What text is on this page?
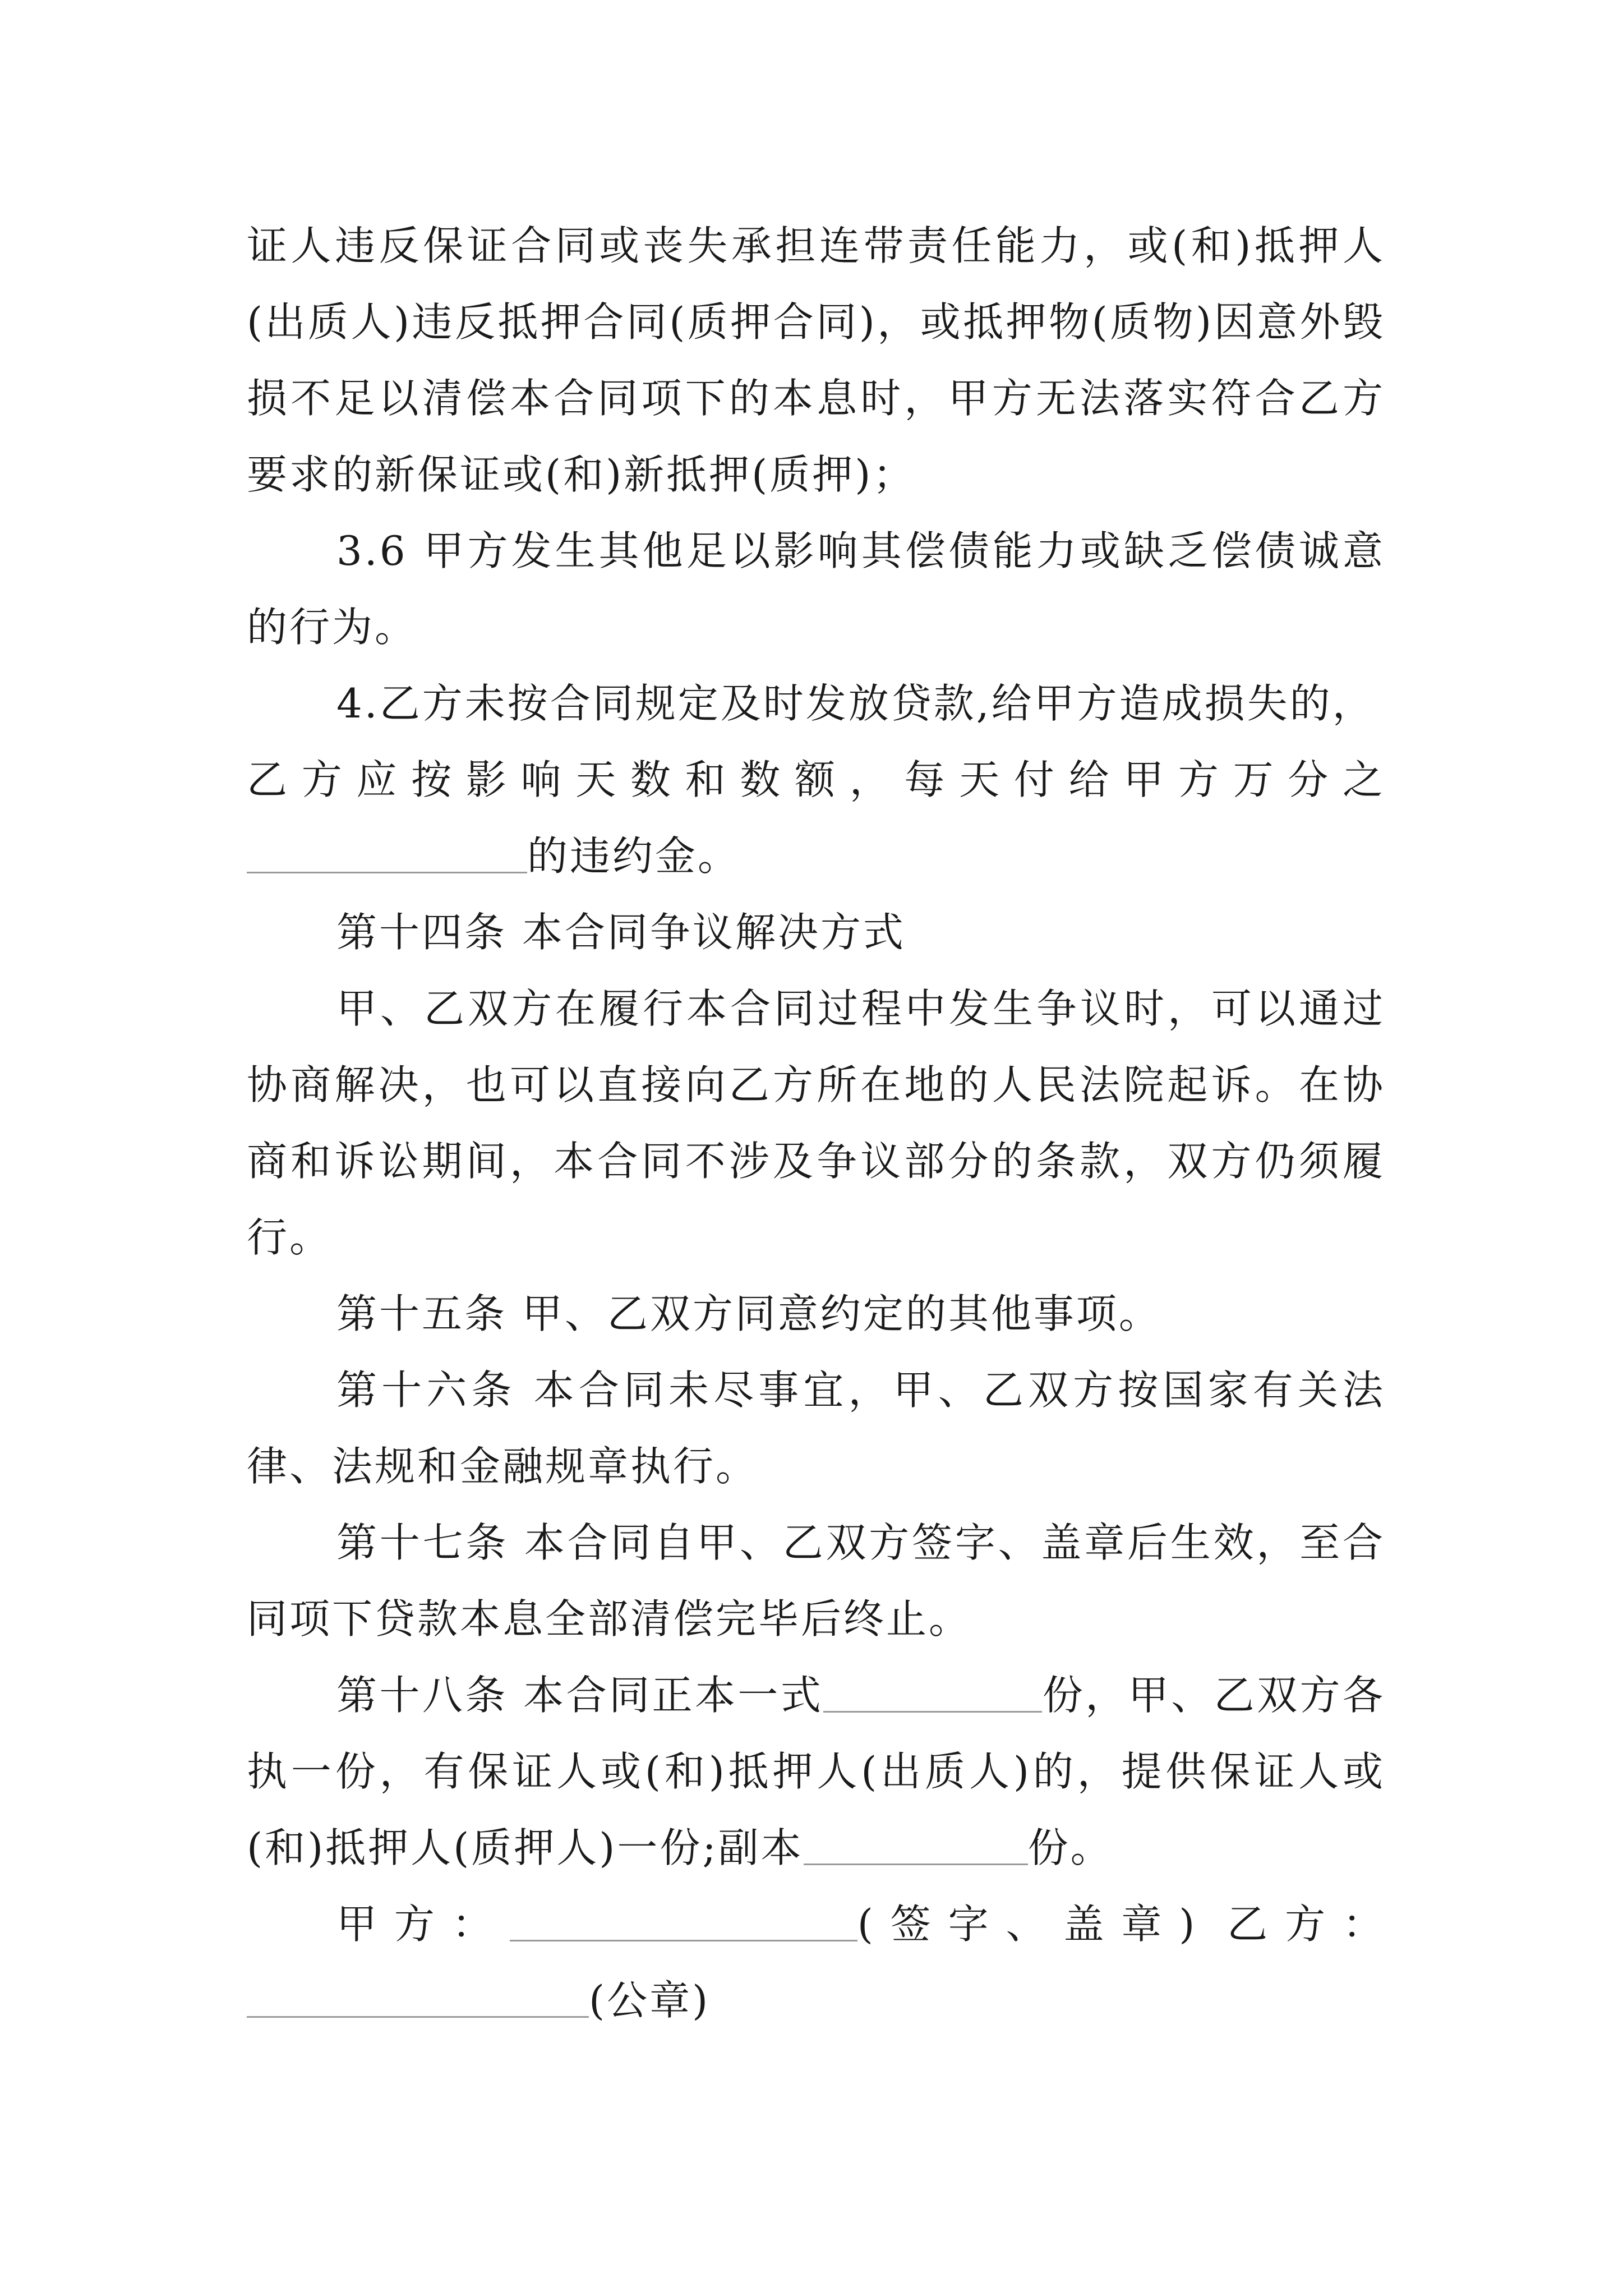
证人违反保证合同或丧失承担连带责任能力，或(和)抵押人(出质人)违反抵押合同(质押合同)，或抵押物(质物)因意外毁损不足以清偿本合同项下的本息时，甲方无法落实符合乙方要求的新保证或(和)新抵押(质押)；

3.6 甲方发生其他足以影响其偿债能力或缺乏偿债诚意的行为。

4.乙方未按合同规定及时发放贷款,给甲方造成损失的，

乙方应按影响天数和数额，每天付给甲方万分之

的违约金。

第十四条 本合同争议解决方式

甲、乙双方在履行本合同过程中发生争议时，可以通过协商解决，也可以直接向乙方所在地的人民法院起诉。在协商和诉讼期间，本合同不涉及争议部分的条款，双方仍须履行。

第十五条 甲、乙双方同意约定的其他事项。

第十六条 本合同未尽事宜，甲、乙双方按国家有关法律、法规和金融规章执行。

第十七条 本合同自甲、乙双方签字、盖章后生效，至合同项下贷款本息全部清偿完毕后终止。

第十八条 本合同正本一式	份，甲、乙双方各执一份，有保证人或(和)抵押人(出质人)的，提供保证人或(和)抵押人(质押人)一份;副本	份。

甲方：	(签字、盖章) 乙方：

(公章)
